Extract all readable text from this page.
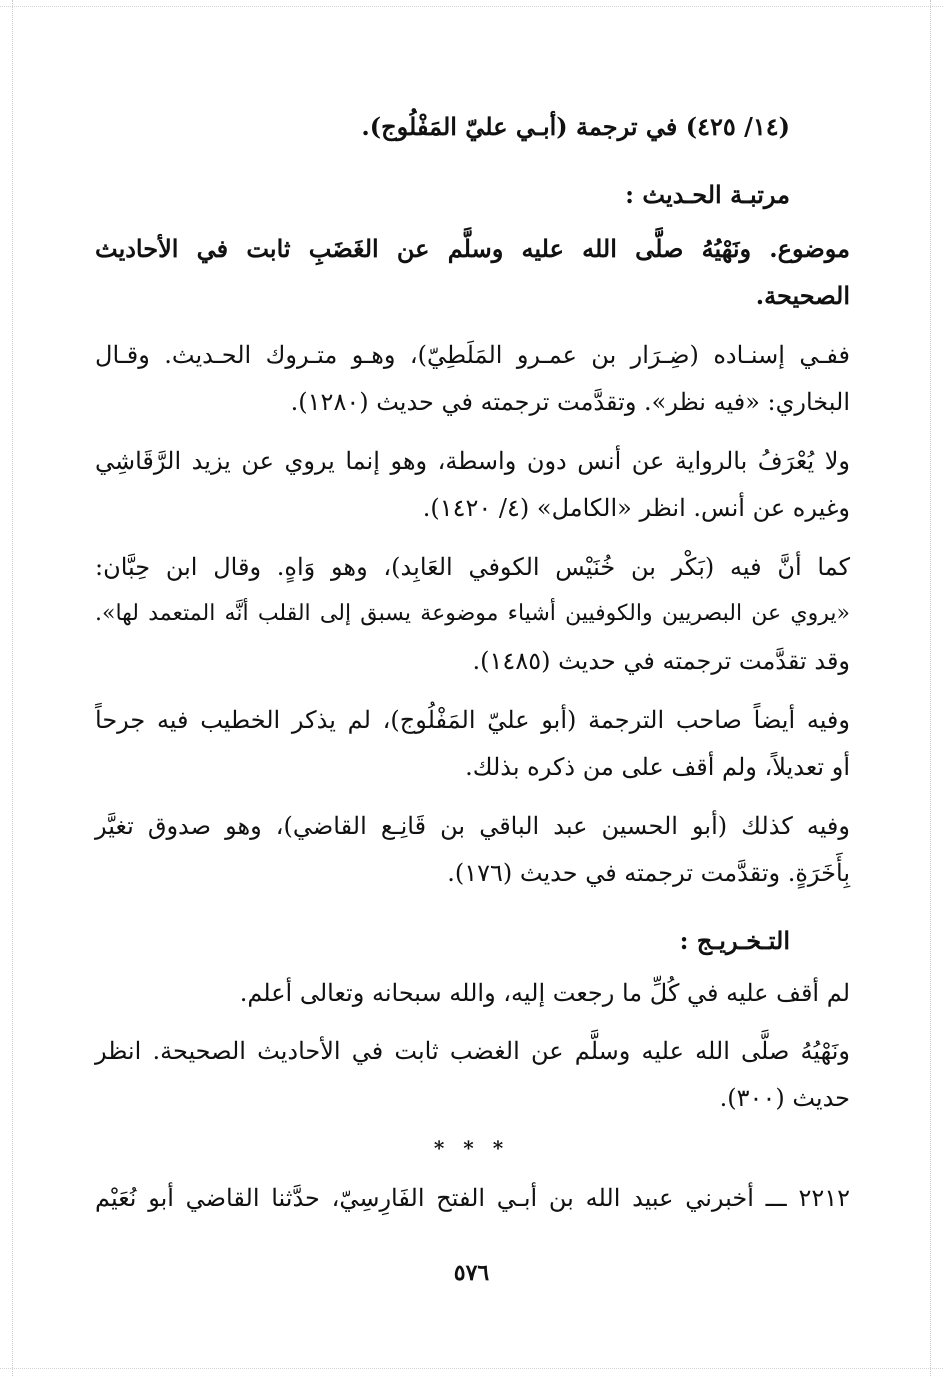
(١٤/ ٤٢٥) في ترجمة (أبـي عليّ المَفْلُوج).
مرتبـة الحـديث :
موضوع. ونَهْيُهُ صلَّى الله عليه وسلَّم عن الغَضَبِ ثابت في الأحاديث
الصحيحة.
ففـي إسنـاده (ضِـرَار بن عمـرو المَلَطِيّ)، وهـو متـروك الحـديث. وقـال
البخاري: «فيه نظر». وتقدَّمت ترجمته في حديث (١٢٨٠).
ولا يُعْرَفُ بالرواية عن أنس دون واسطة، وهو إنما يروي عن يزيد الرَّقَاشِي
وغيره عن أنس. انظر «الكامل» (٤/ ١٤٢٠).
كما أنَّ فيه (بَكْر بن خُنَيْس الكوفي العَابِد)، وهو وَاهٍ. وقال ابن حِبَّان:
«يروي عن البصريين والكوفيين أشياء موضوعة يسبق إلى القلب أنَّه المتعمد لها».
وقد تقدَّمت ترجمته في حديث (١٤٨٥).
وفيه أيضاً صاحب الترجمة (أبو عليّ المَفْلُوج)، لم يذكر الخطيب فيه جرحاً
أو تعديلاً، ولم أقف على من ذكره بذلك.
وفيه كذلك (أبو الحسين عبد الباقي بن قَانِـع القاضي)، وهو صدوق تغيَّر
بِأَخَرَةٍ. وتقدَّمت ترجمته في حديث (١٧٦).
التـخـريـج :
لم أقف عليه في كُلِّ ما رجعت إليه، والله سبحانه وتعالى أعلم.
ونَهْيُهُ صلَّى الله عليه وسلَّم عن الغضب ثابت في الأحاديث الصحيحة. انظر
حديث (٣٠٠).
٢٢١٢ ـــ أخبرني عبيد الله بن أبـي الفتح الفَارِسِيّ، حدَّثنا القاضي أبو نُعَيْم
* * *
٥٧٦
